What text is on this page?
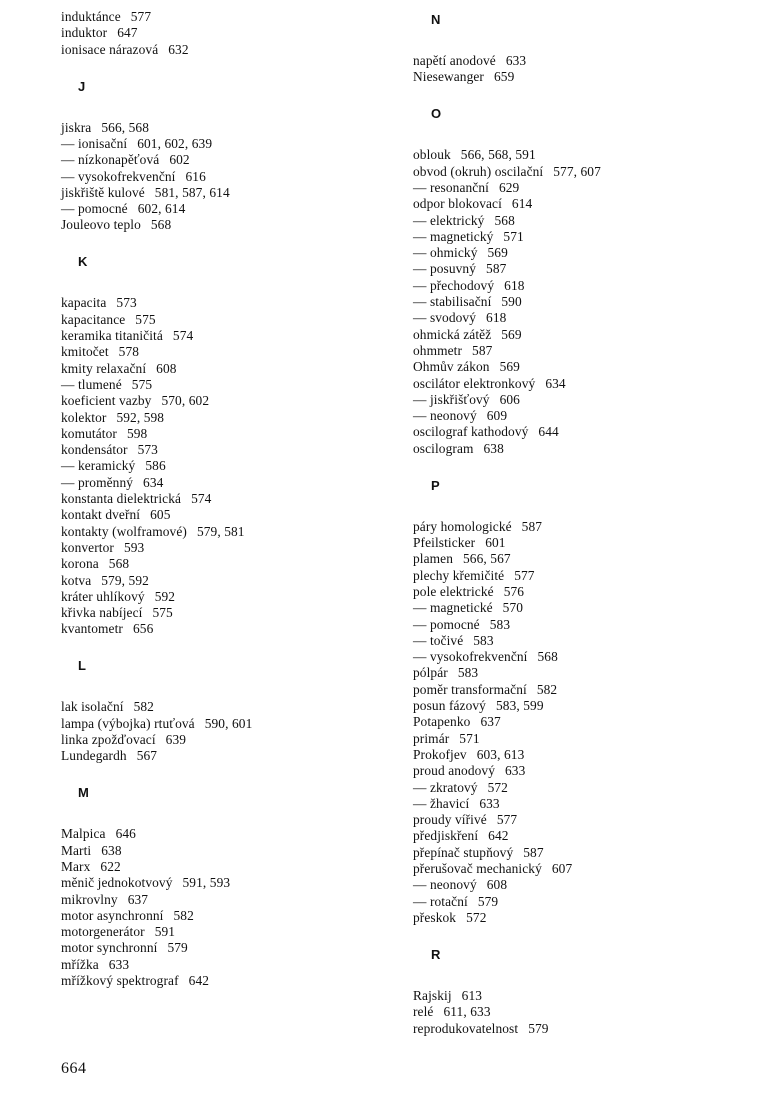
induktánce 577
induktor 647
ionisace nárazová 632
J
jiskra 566, 568
— ionisační 601, 602, 639
— nízkonapěťová 602
— vysokofrekvenční 616
jiskřiště kulové 581, 587, 614
— pomocné 602, 614
Jouleovo teplo 568
K
kapacita 573
kapacitance 575
keramika titaničitá 574
kmitočet 578
kmity relaxační 608
— tlumené 575
koeficient vazby 570, 602
kolektor 592, 598
komutátor 598
kondensátor 573
— keramický 586
— proměnný 634
konstanta dielektrická 574
kontakt dveřní 605
kontakty (wolframové) 579, 581
konvertor 593
korona 568
kotva 579, 592
kráter uhlíkový 592
křivka nabíjecí 575
kvantometr 656
L
lak isolační 582
lampa (výbojka) rtuťová 590, 601
linka zpožďovací 639
Lundegardh 567
M
Malpica 646
Marti 638
Marx 622
měnič jednokotvový 591, 593
mikrovlny 637
motor asynchronní 582
motorgenerátor 591
motor synchronní 579
mřížka 633
mřížkový spektrograf 642
N
napětí anodové 633
Niesewanger 659
O
oblouk 566, 568, 591
obvod (okruh) oscilační 577, 607
— resonanční 629
odpor blokovací 614
— elektrický 568
— magnetický 571
— ohmický 569
— posuvný 587
— přechodový 618
— stabilisační 590
— svodový 618
ohmická zátěž 569
ohmmetr 587
Ohmův zákon 569
oscilátor elektronkový 634
— jiskřišťový 606
— neonový 609
oscilograf kathodový 644
oscilogram 638
P
páry homologické 587
Pfeilsticker 601
plamen 566, 567
plechy křemičité 577
pole elektrické 576
— magnetické 570
— pomocné 583
— točivé 583
— vysokofrekvenční 568
pólpár 583
poměr transformační 582
posun fázový 583, 599
Potapenko 637
primár 571
Prokofjev 603, 613
proud anodový 633
— zkratový 572
— žhavicí 633
proudy vířivé 577
předjiskření 642
přepínač stupňový 587
přerušovač mechanický 607
— neonový 608
— rotační 579
přeskok 572
R
Rajskij 613
relé 611, 633
reprodukovatelnost 579
664
